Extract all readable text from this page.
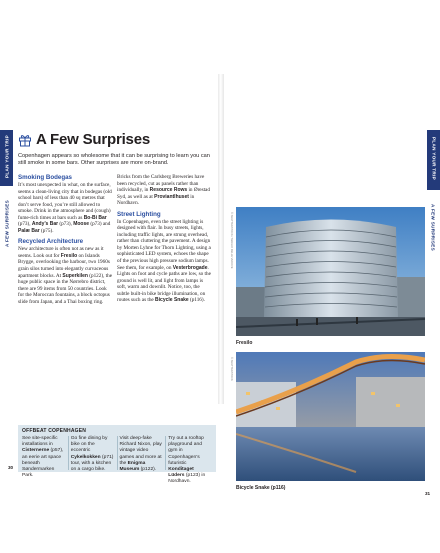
PLAN YOUR TRIP
A FEW SURPRISES
PLAN YOUR TRIP
A FEW SURPRISES
A Few Surprises
Copenhagen appears so wholesome that it can be surprising to learn you can still smoke in some bars. Other surprises are more on-brand.

Smoking Bodegas

It’s most unexpected in what, on the surface, seems a clean-living city that in bodegas (old school bars) of less than 40 sq metres that don’t serve food, you’re still allowed to smoke. Drink in the atmosphere and (cough) fume-rich times at bars such as Bo-Bi Bar (p73), Andy’s Bar (p73), Moose (p73) and Palæ Bar (p75).

Recycled Architecture

New architecture is often not as new as it seems. Look out for Fresilo on Islands Brygge, overlooking the harbour, two 1960s grain silos turned into elegantly curvaceous apartment blocks. At Superkilen (p122), the huge public space in the Nørrebro district, there are 99 items from 50 countries. Look for the Moroccan fountains, a block octopus slide from Japan, and a Thai boxing ring.

Bricks from the Carlsberg Breweries have been recycled, cut as panels rather than individually, in Resource Rows in Ørestad Syd, as well as at Proviantlhuset in Nordhavn.

Street Lighting

In Copenhagen, even the street lighting is designed with flair. In busy streets, lights, including traffic lights, are strung overhead, rather than cluttering the pavement. A design by Morten Lyhne for Thorn Lighting, using a sophisticated LED system, echoes the shape of the previous high pressure sodium lamps. See them, for example, on Vesterbrogade. Lights on foot and cycle paths are low, so the ground is well lit, and light from lamps is soft, warm and downlit. Notice, too, the subtle built-in bike bridge illumination, on routes such as the Bicycle Snake (p116).

OFFBEAT COPENHAGEN
See site-specific installations in Cisternerne (p57), an eerie art space beneath Søndermarken Park.
Go fine dining by bike on the eccentric Cykelkokken (p71) tour, with a kitchen on a cargo bike.
Visit deep-fake Richard Nixon, play vintage video games and more at the Enigma Museum (p122).
Try out a rooftop playground and gym in Copenhagen’s futuristic Konditaget Lüders (p123) in Nordhavn.
30
31
© SHUTTERSTOCK / SERGIO DELLE VEDOVE
Fresilo
© SHUTTERSTOCK
Bicycle Snake (p116)
